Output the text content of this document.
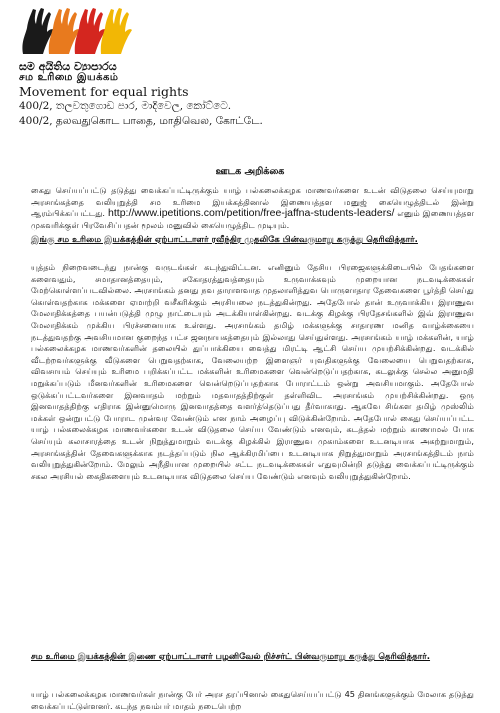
සම අයිතිය ව්‍යාපාරය
சம உரிமை இயக்கம்
Movement for equal rights
400/2, තලවතුගොඩ පාර, මාදිවෙල, කෝට්ටෙ.
400/2, தலவதுகொட பாதை, மாதிவெல, கோட்டே.
ஊடக அறிக்கை
கைது செய்யப்பட்டு தடுத்து வைக்கப்பட்டிருக்கும் யாழ் பல்கலைக்கழக மாணவர்களை உடன் விடுதலை செய்யுமாறு அரசாங்கத்தை வலியுறுத்தி சம உரிமை இயக்கத்தினால் இணையத்தள மனுஜ் கையெழுத்திடல் இன்று ஆரம்பிக்கப்பட்டது. http://www.ipetitions.com/petition/free-jaffna-students-leaders/ எனும் இணையத்தள முகவரிக்குள் பிரவேசிப்பதன் மூலம் மனுவில் கையெழுத்திட முடியும்.
இங்கு சம உரிமை இயக்கத்தின் ஏற்பாட்டாளர் ரவீந்திர முதலிகே பின்வருமாறு கருத்து தெரிவித்தார்.
யுத்தம் நிறைவடைந்து நான்கு வருடங்கள் கடந்துவிட்டன. எனினும் தேசிய பிரஜைகளுக்கிடையில் பேதங்களை களைவதும், சமாதானத்தையும், சகோதரத்துவத்தையும் உருவாக்கவும் முறையான நடவடிக்கைகள் மேற்கொள்ளப்படவில்லை. அரசாங்கம் தனது நவ தாராளவாத முதலாளித்துவ பொருளாதார தேவைகளை பூர்த்தி செய்து கொள்வதற்காக மக்களை ஏமாற்றி வசீகரிக்கும் அரசியலை நடத்துகின்றது. அதேபோல் தான் உருவாக்கிய இராணுவ மேலாதிக்கத்தை பயன்படுத்தி முழு நாட்டையும் அடக்கியாள்கின்றது. வடக்கு கிழக்கு பிரதேசங்களில் இவ் இராணுவ மேலாதிக்கம் முக்கிய பிரச்சனையாக உள்ளது. அரசாங்கம் தமிழ் மக்களுக்கு சாதாரண மனித வாழ்க்கையை நடத்துவதற்கு அவசியமான குறைந்த பட்ச ஜனநாயகத்தையும் இல்லாது செய்துள்ளது. அரசாங்கம் யாழ் மக்களின், யாழ் பல்கலைக்கழக மாணவர்களின் தலையில் துப்பாக்கியை வைத்து மிரட்டி ஆட்சி செய்ய முயற்சிக்கின்றது. வடக்கில் வீடற்றவர்களுக்கு வீடுகளை பெறுவதற்காக, வேலையற்ற இளைஞர் யுவதிகளுக்கு வேலையை பெறுவதற்காக, விவசாயம் செய்யும் உரிமை பறிக்கப்பட்ட மக்களின் உரிமைகளை வென்றெடுப்பதற்காக, கடலுக்கு செல்ல அனுமதி மறுக்கப்படும் மீனவர்களின் உரிமைகளை வென்றெடுப்பதற்காக போராட்டம் ஒன்று அவசியமாகும். அதேபோல் ஒடுக்கப்பட்டவர்களை இனவாதம் மற்றும் மதவாதத்திற்குள் தள்ளிவிட அரசாங்கம் முயற்சிக்கின்றது. ஒரு இனவாதத்திற்கு எதிராக இன்னுமொரு இனவாதத்தை வளர்த்தெடுப்பது தீர்வாகாது. ஆகவே சிங்கள தமிழ் முஸ்லிம் மக்கள் ஒன்றுபட்டு போராட முன்வர வேண்டும் என நாம் அழைப்பு விடுக்கின்றோம். அதேபோல் கைது செய்யப்பட்ட யாழ் பல்கலைக்கழக மாணவர்களை உடன் விடுதலை செய்ய வேண்டும் எனவும், கடத்தல் மற்றும் காணாமல் போக செய்யும் கலாசாரத்தை உடன் நிறுத்துமாறும் வடக்கு கிழக்கில் இராணுவ முகாம்களை உடனடியாக அகற்றுமாறும், அரசாங்கத்தின் தேவைகளுக்காக நடத்தப்படும் நில ஆக்கிரமிப்பை உடனடியாக நிறுத்துமாறும் அரசாங்கத்திடம் நாம் வலியுறுத்துகின்றோம். மேலும் அநீதியான முறையில் சட்ட நடவடிக்கைகள் எதுவுமின்றி தடுத்து வைக்கப்பட்டிருக்கும் சகல அரசியல் கைதிகளையும் உடனடியாக விடுதலை செய்ய வேண்டும் எனவும் வலியுறுத்துகின்றோம்.
சம உரிமை இயக்கத்தின் இணை ஏற்பாட்டாளர் பழனிவேல் றிச்சர்ட் பின்வருமாறு கருத்து தெரிவித்தார்.
யாழ் பல்கலைக்கழக மாணவர்கள் நான்கு பேர் அரச தரப்பினால் கைதுசெய்யப்பட்டு 45 தினங்களுக்கும் மேலாக தடுத்து வைக்கப்பட்டுள்ளனர். கடந்த நவம்பர் மாதம் நடைபெற்ற
